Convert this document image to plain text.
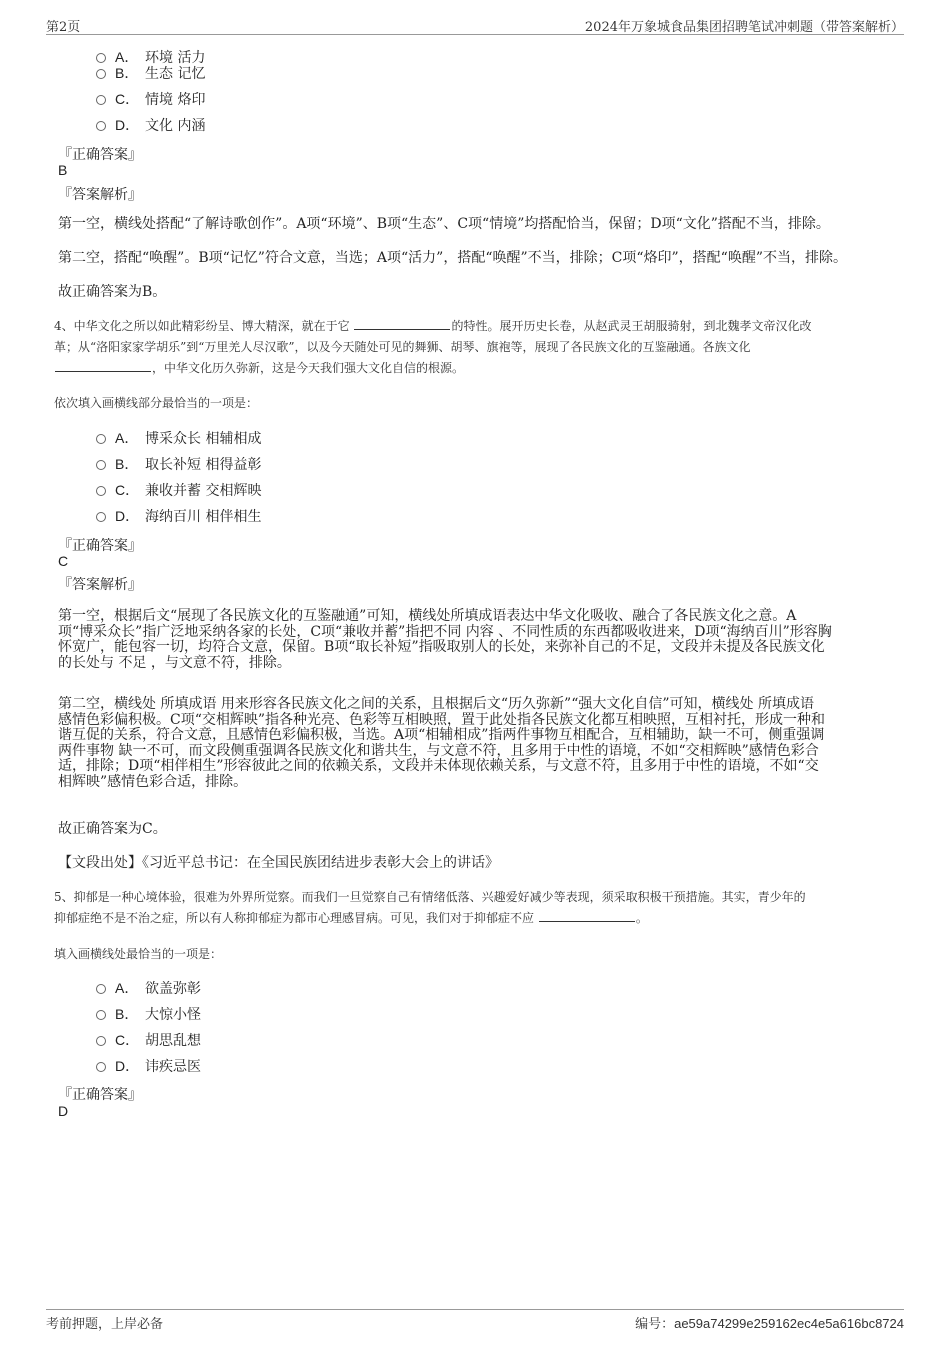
第2页	2024年万象城食品集团招聘笔试冲刺题（带答案解析）
A． 环境 活力
B． 生态 记忆
C． 情境 烙印
D． 文化 内涵
『正确答案』
B
『答案解析』
第一空，横线处搭配“了解诗歌创作”。A项“环境”、B项“生态”、C项“情境”均搭配恰当，保留；D项“文化”搭配不当，排除。
第二空，搭配“唤醒”。B项“记忆”符合文意，当选；A项“活力”，搭配“唤醒”不当，排除；C项“烙印”，搭配“唤醒”不当，排除。
故正确答案为B。
4、中华文化之所以如此精彩纷呈、博大精深，就在于它	的特性。展开历史长卷，从赵武灵王胡服骑射，到北魏孝文帝汉化改
革；从“洛阳家家学胡乐”到“万里羌人尽汉歌”，以及今天随处可见的舞狮、胡琴、旗袍等，展现了各民族文化的互鉴融通。各族文化
，中华文化历久弥新，这是今天我们强大文化自信的根源。
依次填入画横线部分最恰当的一项是：
A． 博采众长 相辅相成
B． 取长补短 相得益彰
C． 兼收并蓄 交相辉映
D． 海纳百川 相伴相生
『正确答案』
C
『答案解析』
第一空，根据后文“展现了各民族文化的互鉴融通”可知，横线处所填成语表达中华文化吸收、融合了各民族文化之意。A
项“博采众长”指广泛地采纳各家的长处，C项“兼收并蓄”指把不同 内容 、不同性质的东西都吸收进来，D项“海纳百川”形容胸
怀宽广，能包容一切，均符合文意，保留。B项“取长补短”指吸取别人的长处，来弥补自己的不足，文段并未提及各民族文化
的长处与 不足 ，与文意不符，排除。
第二空，横线处 所填成语 用来形容各民族文化之间的关系，且根据后文“历久弥新”“强大文化自信”可知，横线处 所填成语
感情色彩偏积极。C项“交相辉映”指各种光亮、色彩等互相映照，置于此处指各民族文化都互相映照，互相衬托，形成一种和
谐互促的关系，符合文意，且感情色彩偏积极，当选。A项“相辅相成”指两件事物互相配合，互相辅助，缺一不可，侧重强调
两件事物 缺一不可，而文段侧重强调各民族文化和谐共生，与文意不符，且多用于中性的语境，不如“交相辉映”感情色彩合
适，排除；D项“相伴相生”形容彼此之间的依赖关系，文段并未体现依赖关系，与文意不符，且多用于中性的语境，不如“交
相辉映”感情色彩合适，排除。
故正确答案为C。
【文段出处】《习近平总书记：在全国民族团结进步表彰大会上的讲话》
5、抑郁是一种心境体验，很难为外界所觉察。而我们一旦觉察自己有情绪低落、兴趣爱好减少等表现，须采取积极干预措施。其实，青少年的
抑郁症绝不是不治之症，所以有人称抑郁症为都市心理感冒病。可见，我们对于抑郁症不应	。
填入画横线处最恰当的一项是：
A． 欲盖弥彰
B． 大惊小怪
C． 胡思乱想
D． 讳疾忌医
『正确答案』
D
考前押题，上岸必备	编号：ae59a74299e259162ec4e5a616bc8724
